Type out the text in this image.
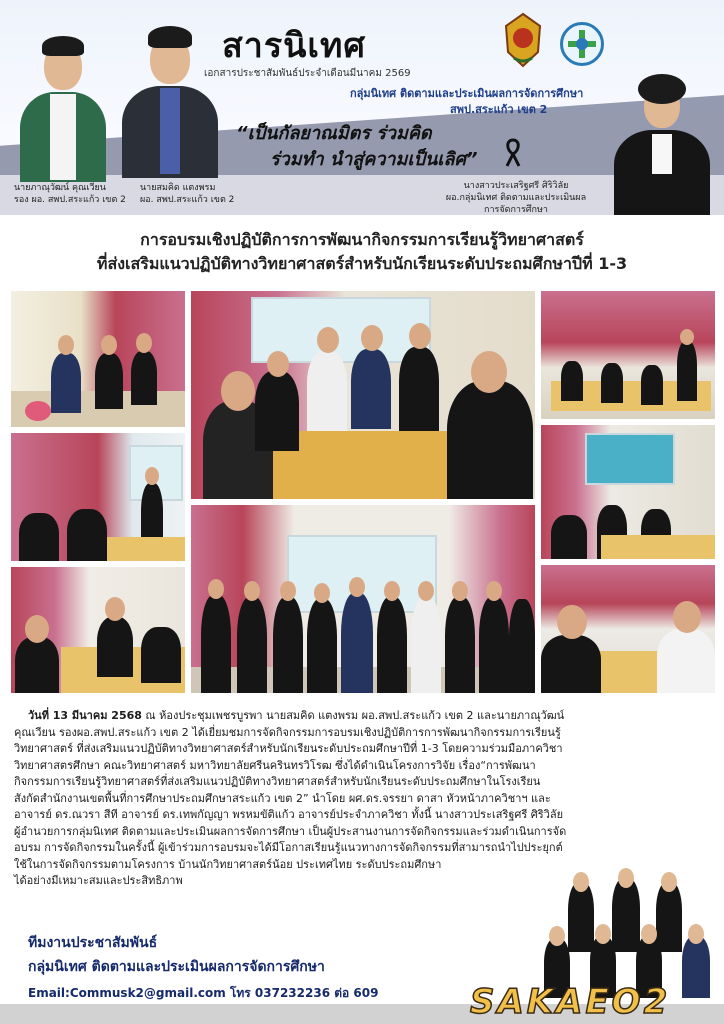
สารนิเทศ
เอกสารประชาสัมพันธ์ประจำเดือนมีนาคม 2569
กลุ่มนิเทศ ติดตามและประเมินผลการจัดการศึกษา
สพป.สระแก้ว เขต 2
“เป็นกัลยาณมิตร ร่วมคิด
ร่วมทำ นำสู่ความเป็นเลิศ”
นายภาณุวัฒน์ คุณเวียน
รอง ผอ. สพป.สระแก้ว เขต 2
นายสมคิด แตงพรม
ผอ. สพป.สระแก้ว เขต 2
นางสาวประเสริฐศรี ศิริวิลัย
ผอ.กลุ่มนิเทศ ติดตามและประเมินผล
การจัดการศึกษา
การอบรมเชิงปฏิบัติการการพัฒนากิจกรรมการเรียนรู้วิทยาศาสตร์
ที่ส่งเสริมแนวปฏิบัติทางวิทยาศาสตร์สำหรับนักเรียนระดับประถมศึกษาปีที่ 1-3
วันที่ 13 มีนาคม 2568 ณ ห้องประชุมเพชรบูรพา นายสมคิด แตงพรม ผอ.สพป.สระแก้ว เขต 2 และนายภาณุวัฒน์
คุณเวียน รองผอ.สพป.สระแก้ว เขต 2 ได้เยี่ยมชมการจัดกิจกรรมการอบรมเชิงปฏิบัติการการพัฒนากิจกรรมการเรียนรู้
วิทยาศาสตร์ ที่ส่งเสริมแนวปฏิบัติทางวิทยาศาสตร์สำหรับนักเรียนระดับประถมศึกษาปีที่ 1-3 โดยความร่วมมือภาควิชา
วิทยาศาสตรศึกษา คณะวิทยาศาสตร์ มหาวิทยาลัยศรีนครินทรวิโรฒ ซึ่งได้ดำเนินโครงการวิจัย เรื่อง“การพัฒนา
กิจกรรมการเรียนรู้วิทยาศาสตร์ที่ส่งเสริมแนวปฏิบัติทางวิทยาศาสตร์สำหรับนักเรียนระดับประถมศึกษาในโรงเรียน
สังกัดสำนักงานเขตพื้นที่การศึกษาประถมศึกษาสระแก้ว เขต 2” นำโดย ผศ.ดร.จรรยา ดาสา หัวหน้าภาควิชาฯ และ
อาจารย์ ดร.ณวรา สีที อาจารย์ ดร.เทพกัญญา พรหมขัติแก้ว อาจารย์ประจำภาควิชา ทั้งนี้ นางสาวประเสริฐศรี ศิริวิลัย
ผู้อำนวยการกลุ่มนิเทศ ติดตามและประเมินผลการจัดการศึกษา เป็นผู้ประสานงานการจัดกิจกรรมและร่วมดำเนินการจัด
อบรม การจัดกิจกรรมในครั้งนี้ ผู้เข้าร่วมการอบรมจะได้มีโอกาสเรียนรู้แนวทางการจัดกิจกรรมที่สามารถนำไปประยุกต์
ใช้ในการจัดกิจกรรมตามโครงการ บ้านนักวิทยาศาสตร์น้อย ประเทศไทย ระดับประถมศึกษา
ได้อย่างมีเหมาะสมและประสิทธิภาพ
ทีมงานประชาสัมพันธ์
กลุ่มนิเทศ ติดตามและประเมินผลการจัดการศึกษา
Email:Commusk2@gmail.com โทร 037232236 ต่อ 609	SAKAEO2
